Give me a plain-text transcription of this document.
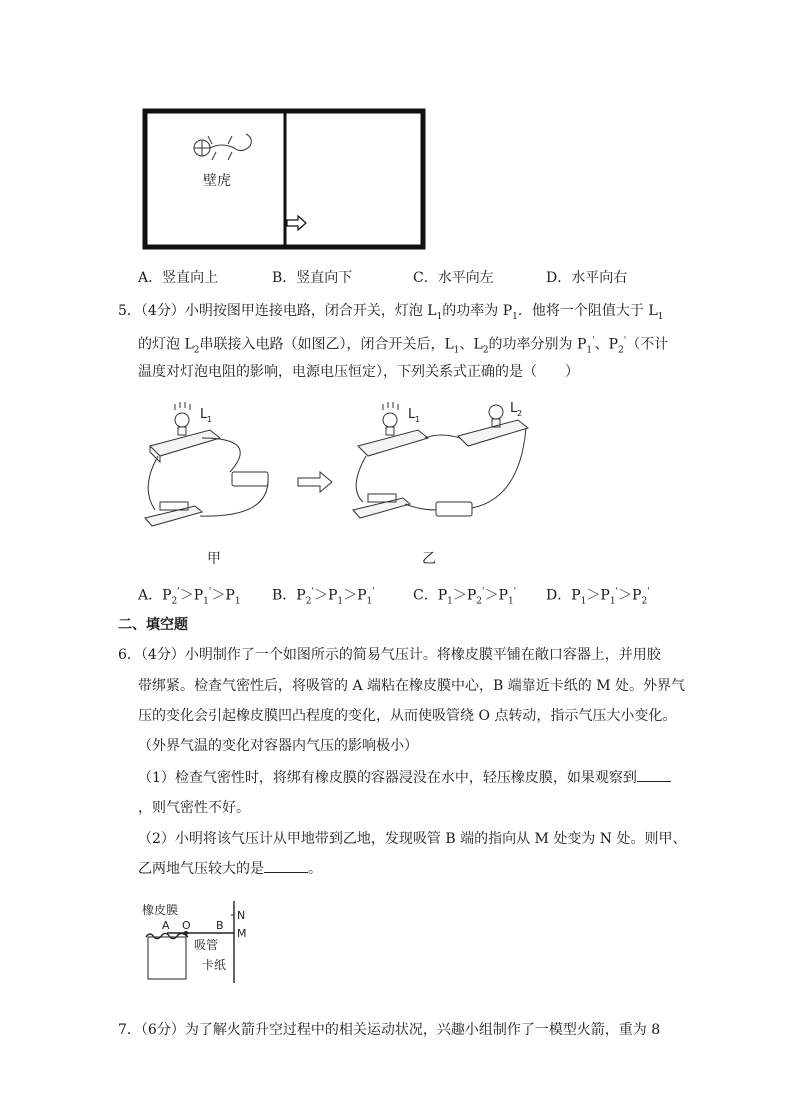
壁虎
A．竖直向上	B．竖直向下	C．水平向左	D．水平向右
5．（4分）小明按图甲连接电路，闭合开关，灯泡 $L_1$的功率为 $P_1$．他将一个阻值大于 $L_1$
的灯泡 $L_2$串联接入电路（如图乙），闭合开关后，$L_1$、$L_2$的功率分别为 $P_1'$、$P_2'$（不计
温度对灯泡电阻的影响，电源电压恒定），下列关系式正确的是（　　）
L 1	L 1
L 2
甲	乙
A．$P_2'>P_1'>P_1$ B．$P_2'>P_1>P_1'$	C．$P_1>P_2'>P_1'$ D．$P_1>P_1'>P_2'$
二、填空题
6．（4分）小明制作了一个如图所示的简易气压计。将橡皮膜平铺在敞口容器上，并用胶
带绑紧。检查气密性后，将吸管的 A 端粘在橡皮膜中心，B 端靠近卡纸的 M 处。外界气
压的变化会引起橡皮膜凹凸程度的变化，从而使吸管绕 O 点转动，指示气压大小变化。
（外界气温的变化对容器内气压的影响极小）
（1）检查气密性时，将绑有橡皮膜的容器浸没在水中，轻压橡皮膜，如果观察到
，则气密性不好。
（2）小明将该气压计从甲地带到乙地，发现吸管 B 端的指向从 M 处变为 N 处。则甲、
乙两地气压较大的是	。
橡皮膜
A O B
N
M
吸管
卡纸
7．（6分）为了解火箭升空过程中的相关运动状况，兴趣小组制作了一模型火箭，重为 8
